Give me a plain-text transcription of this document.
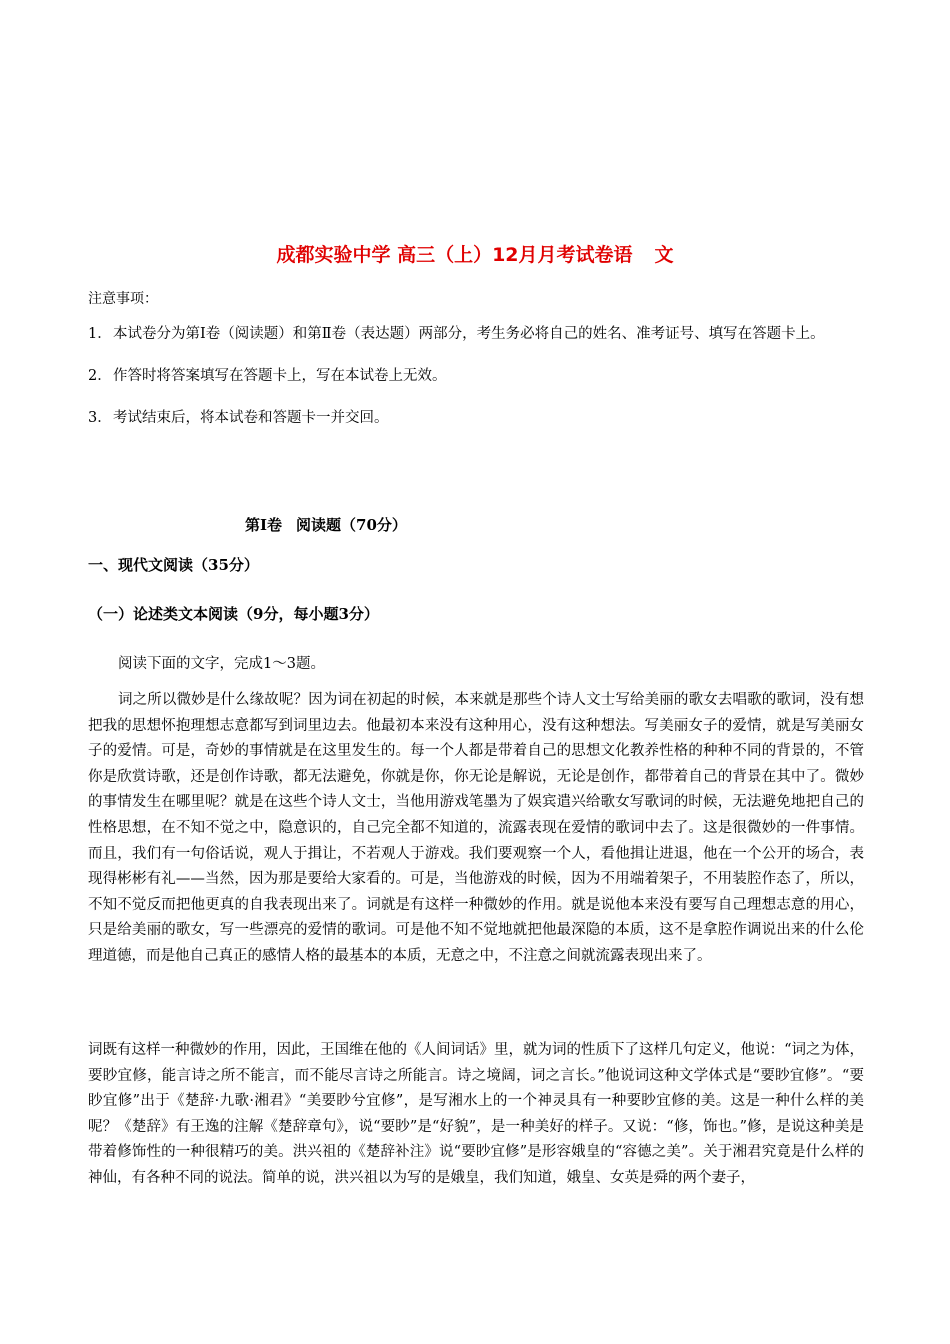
成都实验中学 高三（上）12月月考试卷语 文
注意事项：
1． 本试卷分为第Ⅰ卷（阅读题）和第Ⅱ卷（表达题）两部分，考生务必将自己的姓名、准考证号、填写在答题卡上。
2． 作答时将答案填写在答题卡上，写在本试卷上无效。
3． 考试结束后，将本试卷和答题卡一并交回。
第Ⅰ卷 阅读题（70分）
一、现代文阅读（35分）
（一）论述类文本阅读（9分，每小题3分）
阅读下面的文字，完成1～3题。

词之所以微妙是什么缘故呢？因为词在初起的时候，本来就是那些个诗人文士写给美丽的歌女去唱歌的歌词，没有想把我的思想怀抱理想志意都写到词里边去。他最初本来没有这种用心，没有这种想法。写美丽女子的爱情，就是写美丽女子的爱情。可是，奇妙的事情就是在这里发生的。每一个人都是带着自己的思想文化教养性格的种种不同的背景的，不管你是欣赏诗歌，还是创作诗歌，都无法避免，你就是你，你无论是解说，无论是创作，都带着自己的背景在其中了。微妙的事情发生在哪里呢？就是在这些个诗人文士，当他用游戏笔墨为了娱宾遣兴给歌女写歌词的时候，无法避免地把自己的性格思想，在不知不觉之中，隐意识的，自己完全都不知道的，流露表现在爱情的歌词中去了。这是很微妙的一件事情。而且，我们有一句俗话说，观人于揖让，不若观人于游戏。我们要观察一个人，看他揖让进退，他在一个公开的场合，表现得彬彬有礼——当然，因为那是要给大家看的。可是，当他游戏的时候，因为不用端着架子，不用装腔作态了，所以，不知不觉反而把他更真的自我表现出来了。词就是有这样一种微妙的作用。就是说他本来没有要写自己理想志意的用心，只是给美丽的歌女，写一些漂亮的爱情的歌词。可是他不知不觉地就把他最深隐的本质，这不是拿腔作调说出来的什么伦理道德，而是他自己真正的感情人格的最基本的本质，无意之中，不注意之间就流露表现出来了。

词既有这样一种微妙的作用，因此，王国维在他的《人间词话》里，就为词的性质下了这样几句定义，他说：“词之为体，要眇宜修，能言诗之所不能言，而不能尽言诗之所能言。诗之境阔，词之言长。”他说词这种文学体式是“要眇宜修”。“要眇宜修”出于《楚辞·九歌·湘君》“美要眇兮宜修”，是写湘水上的一个神灵具有一种要眇宜修的美。这是一种什么样的美呢？《楚辞》有王逸的注解《楚辞章句》，说“要眇”是“好貌”，是一种美好的样子。又说：“修，饰也。”修，是说这种美是带着修饰性的一种很精巧的美。洪兴祖的《楚辞补注》说“要眇宜修”是形容娥皇的“容德之美”。关于湘君究竟是什么样的神仙，有各种不同的说法。简单的说，洪兴祖以为写的是娥皇，我们知道，娥皇、女英是舜的两个妻子，
